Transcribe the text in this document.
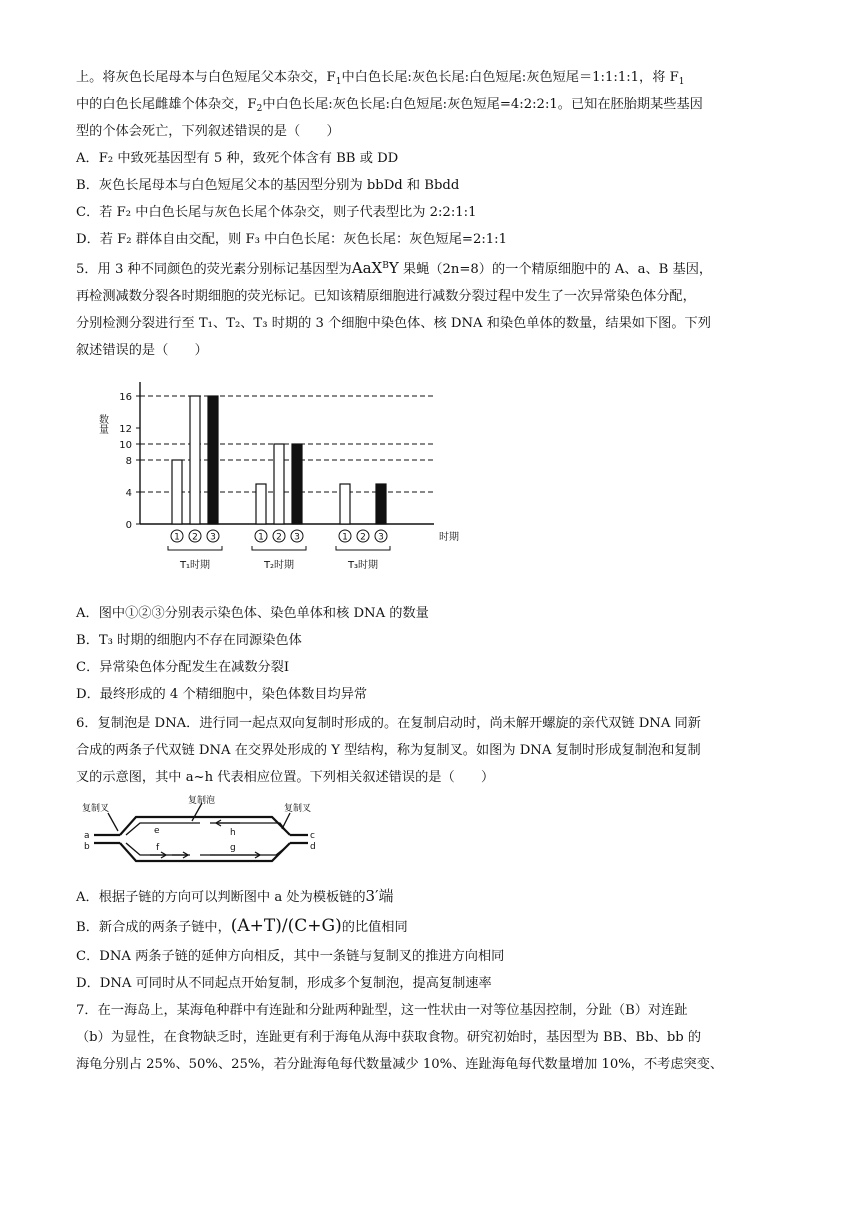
上。将灰色长尾母本与白色短尾父本杂交，$F_1$中白色长尾:灰色长尾:白色短尾:灰色短尾＝1:1:1:1，将 $F_1$

中的白色长尾雌雄个体杂交，$F_2$中白色长尾:灰色长尾:白色短尾:灰色短尾=4:2:2:1。已知在胚胎期某些基因

型的个体会死亡，下列叙述错误的是（　　）

A．F₂ 中致死基因型有 5 种，致死个体含有 BB 或 DD

B．灰色长尾母本与白色短尾父本的基因型分别为 bbDd 和 Bbdd

C．若 F₂ 中白色长尾与灰色长尾个体杂交，则子代表型比为 2:2:1:1

D．若 F₂ 群体自由交配，则 F₃ 中白色长尾：灰色长尾：灰色短尾=2:1:1

5．用 3 种不同颜色的荧光素分别标记基因型为AaX$^B$Y 果蝇（2n=8）的一个精原细胞中的 A、a、B 基因，

再检测减数分裂各时期细胞的荧光标记。已知该精原细胞进行减数分裂过程中发生了一次异常染色体分配，

分别检测分裂进行至 T₁、T₂、T₃ 时期的 3 个细胞中染色体、核 DNA 和染色单体的数量，结果如下图。下列

叙述错误的是（　　）

数量
0
4
8
10
12
16
1 2 3
T₁时期
1 2 3
T₂时期
1 2 3
T₃时期
时期

A．图中①②③分别表示染色体、染色单体和核 DNA 的数量

B．T₃ 时期的细胞内不存在同源染色体

C．异常染色体分配发生在减数分裂Ⅰ

D．最终形成的 4 个精细胞中，染色体数目均异常

6．复制泡是 DNA．进行同一起点双向复制时形成的。在复制启动时，尚未解开螺旋的亲代双链 DNA 同新

合成的两条子代双链 DNA 在交界处形成的 Y 型结构，称为复制叉。如图为 DNA 复制时形成复制泡和复制

叉的示意图，其中 a~h 代表相应位置。下列相关叙述错误的是（　　）

复制泡
复制叉	复制叉
a
b
c
d
e
f	g
h

A．根据子链的方向可以判断图中 a 处为模板链的3′端

B．新合成的两条子链中，(A+T)/(C+G)的比值相同

C．DNA 两条子链的延伸方向相反，其中一条链与复制叉的推进方向相同

D．DNA 可同时从不同起点开始复制，形成多个复制泡，提高复制速率

7．在一海岛上，某海龟种群中有连趾和分趾两种趾型，这一性状由一对等位基因控制，分趾（B）对连趾

（b）为显性，在食物缺乏时，连趾更有利于海龟从海中获取食物。研究初始时，基因型为 BB、Bb、bb 的

海龟分别占 25%、50%、25%，若分趾海龟每代数量减少 10%、连趾海龟每代数量增加 10%，不考虑突变、
